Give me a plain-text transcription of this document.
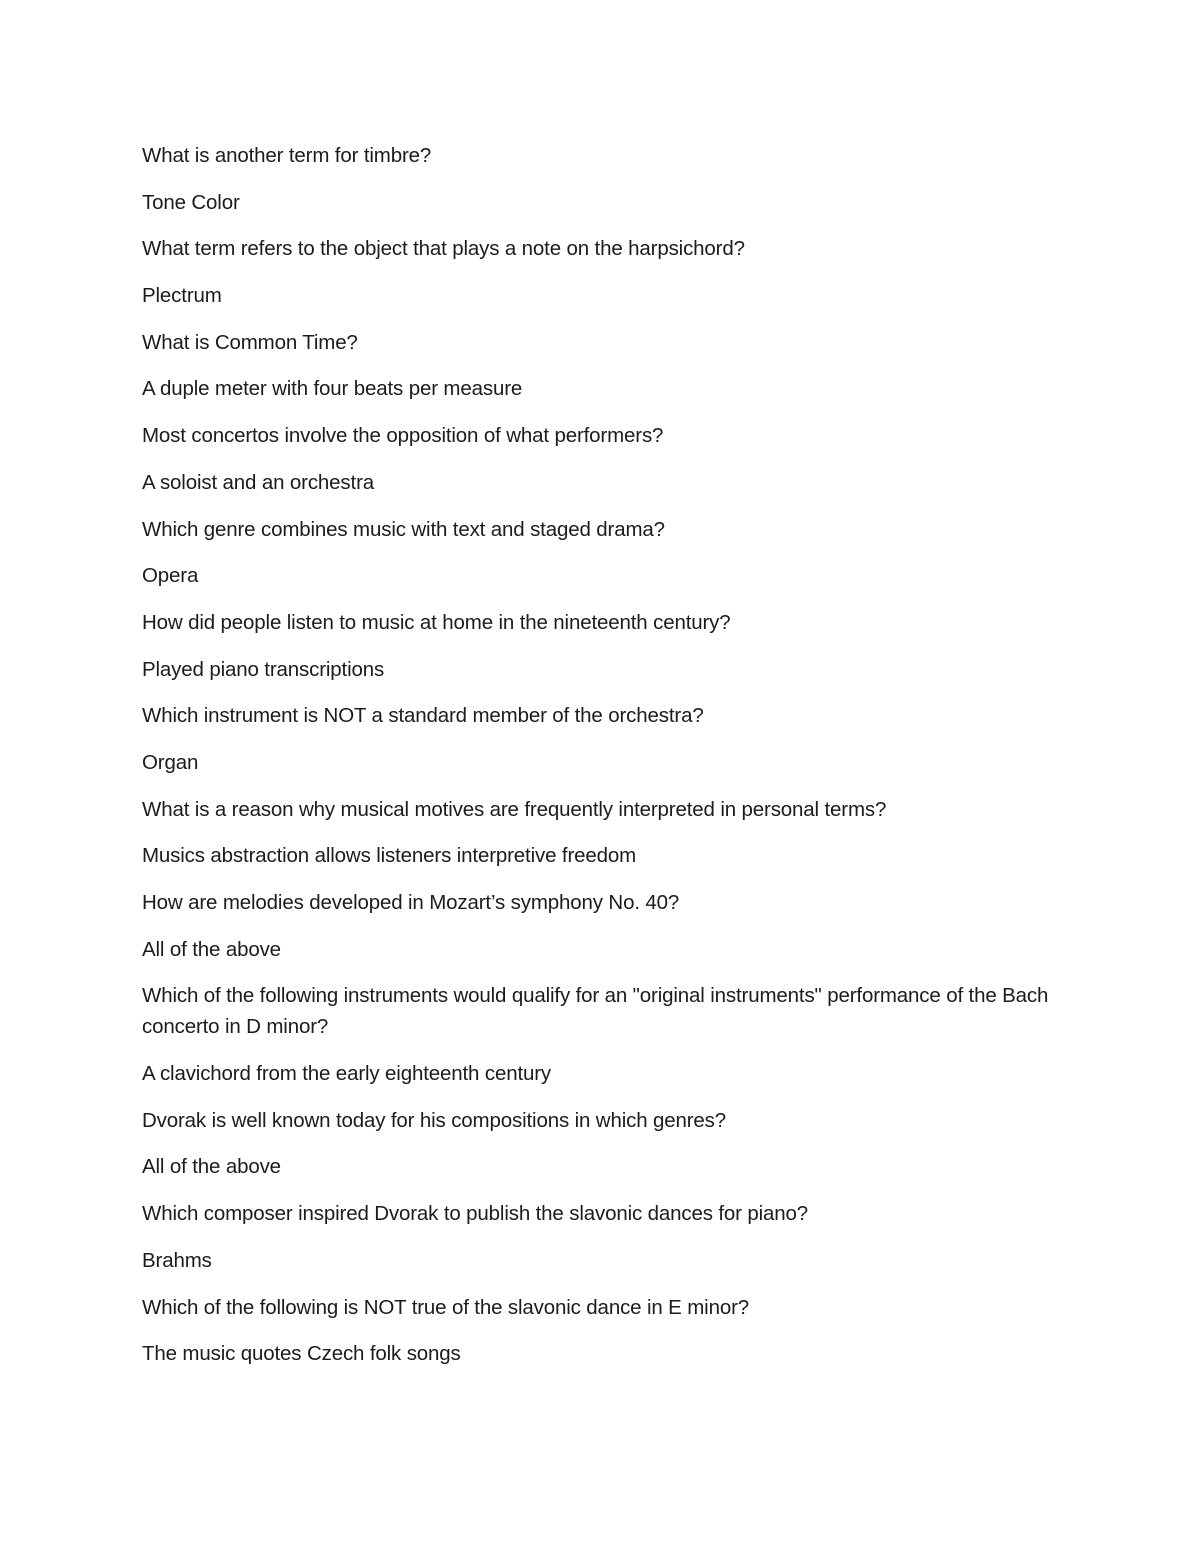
What is another term for timbre?

Tone Color

What term refers to the object that plays a note on the harpsichord?

Plectrum

What is Common Time?

A duple meter with four beats per measure

Most concertos involve the opposition of what performers?

A soloist and an orchestra

Which genre combines music with text and staged drama?

Opera

How did people listen to music at home in the nineteenth century?

Played piano transcriptions

Which instrument is NOT a standard member of the orchestra?

Organ

What is a reason why musical motives are frequently interpreted in personal terms?

Musics abstraction allows listeners interpretive freedom

How are melodies developed in Mozart’s symphony No. 40?

All of the above

Which of the following instruments would qualify for an "original instruments" performance of the Bach concerto in D minor?

A clavichord from the early eighteenth century

Dvorak is well known today for his compositions in which genres?

All of the above

Which composer inspired Dvorak to publish the slavonic dances for piano?

Brahms

Which of the following is NOT true of the slavonic dance in E minor?

The music quotes Czech folk songs
